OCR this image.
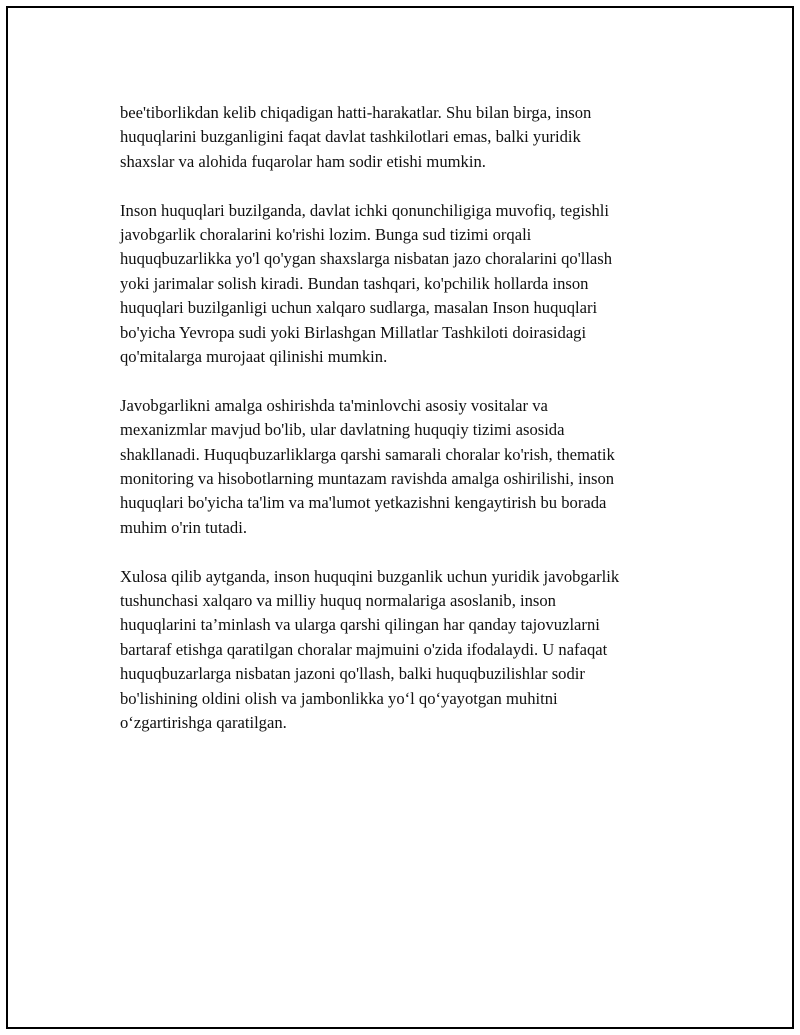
bee'tiborlikdan kelib chiqadigan hatti-harakatlar. Shu bilan birga, inson
huquqlarini buzganligini faqat davlat tashkilotlari emas, balki yuridik
shaxslar va alohida fuqarolar ham sodir etishi mumkin.

Inson huquqlari buzilganda, davlat ichki qonunchiligiga muvofiq, tegishli
javobgarlik choralarini ko'rishi lozim. Bunga sud tizimi orqali
huquqbuzarlikka yo'l qo'ygan shaxslarga nisbatan jazo choralarini qo'llash
yoki jarimalar solish kiradi. Bundan tashqari, ko'pchilik hollarda inson
huquqlari buzilganligi uchun xalqaro sudlarga, masalan Inson huquqlari
bo'yicha Yevropa sudi yoki Birlashgan Millatlar Tashkiloti doirasidagi
qo'mitalarga murojaat qilinishi mumkin.

Javobgarlikni amalga oshirishda ta'minlovchi asosiy vositalar va
mexanizmlar mavjud bo'lib, ular davlatning huquqiy tizimi asosida
shakllanadi. Huquqbuzarliklarga qarshi samarali choralar ko'rish, thematik
monitoring va hisobotlarning muntazam ravishda amalga oshirilishi, inson
huquqlari bo'yicha ta'lim va ma'lumot yetkazishni kengaytirish bu borada
muhim o'rin tutadi.

Xulosa qilib aytganda, inson huquqini buzganlik uchun yuridik javobgarlik
tushunchasi xalqaro va milliy huquq normalariga asoslanib, inson
huquqlarini ta’minlash va ularga qarshi qilingan har qanday tajovuzlarni
bartaraf etishga qaratilgan choralar majmuini o'zida ifodalaydi. U nafaqat
huquqbuzarlarga nisbatan jazoni qo'llash, balki huquqbuzilishlar sodir
bo'lishining oldini olish va jambonlikka yo‘l qo‘yayotgan muhitni
o‘zgartirishga qaratilgan.
